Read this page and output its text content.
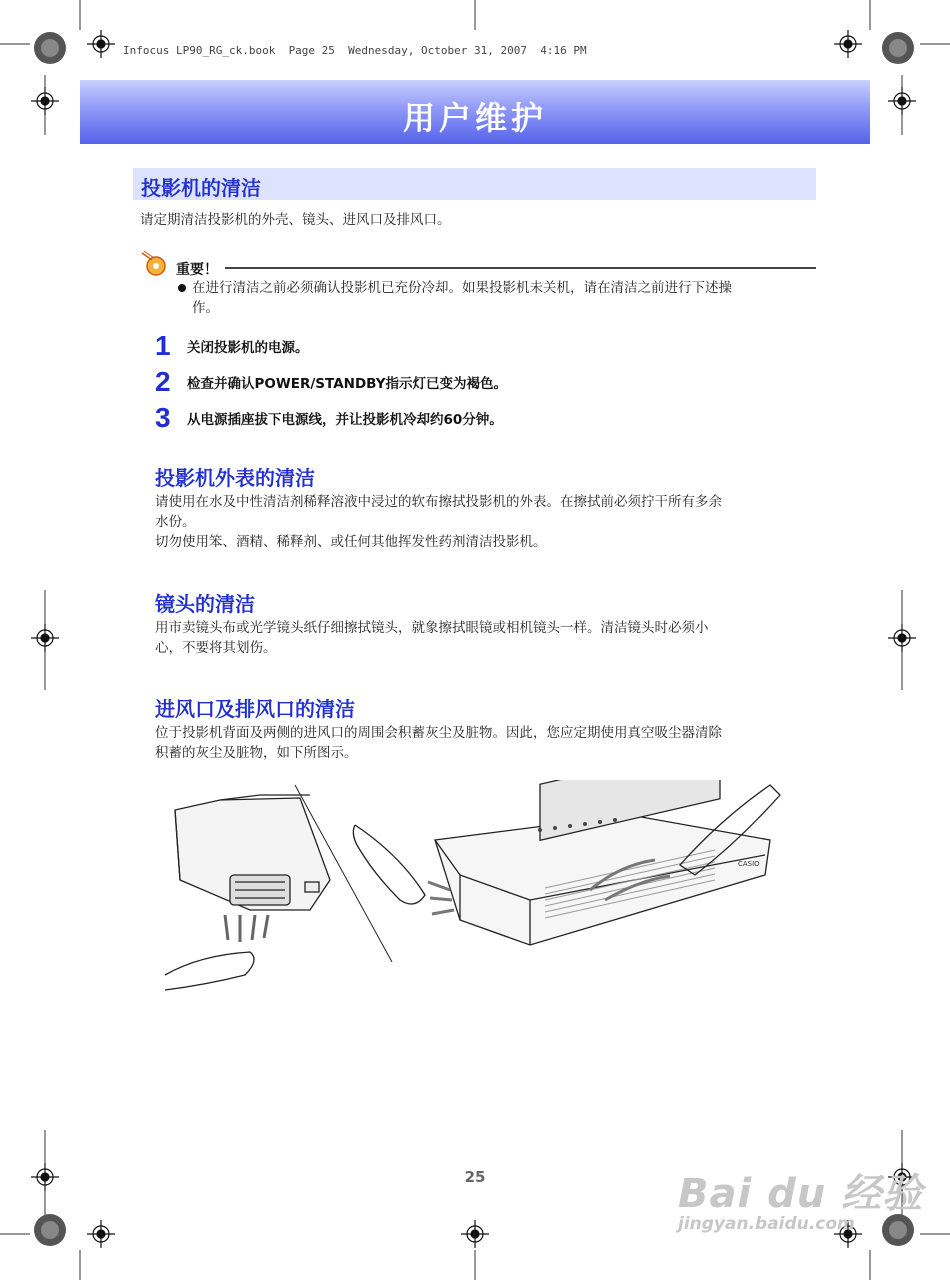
Infocus LP90_RG_ck.book  Page 25  Wednesday, October 31, 2007  4:16 PM
用户维护
投影机的清洁
请定期清洁投影机的外壳、镜头、进风口及排风口。
重要！
在进行清洁之前必须确认投影机已充份冷却。如果投影机未关机，请在清洁之前进行下述操
作。
1 关闭投影机的电源。
2 检查并确认POWER/STANDBY指示灯已变为褐色。
3 从电源插座拔下电源线，并让投影机冷却约60分钟。
投影机外表的清洁
请使用在水及中性清洁剂稀释溶液中浸过的软布擦拭投影机的外表。在擦拭前必须拧干所有多余
水份。
切勿使用笨、酒精、稀释剂、或任何其他挥发性药剂清洁投影机。
镜头的清洁
用市卖镜头布或光学镜头纸仔细擦拭镜头，就象擦拭眼镜或相机镜头一样。清洁镜头时必须小
心，不要将其划伤。
进风口及排风口的清洁
位于投影机背面及两侧的进风口的周围会积蓄灰尘及脏物。因此，您应定期使用真空吸尘器清除
积蓄的灰尘及脏物，如下所图示。
CASIO
25	Bai du 经验
jingyan.baidu.com
